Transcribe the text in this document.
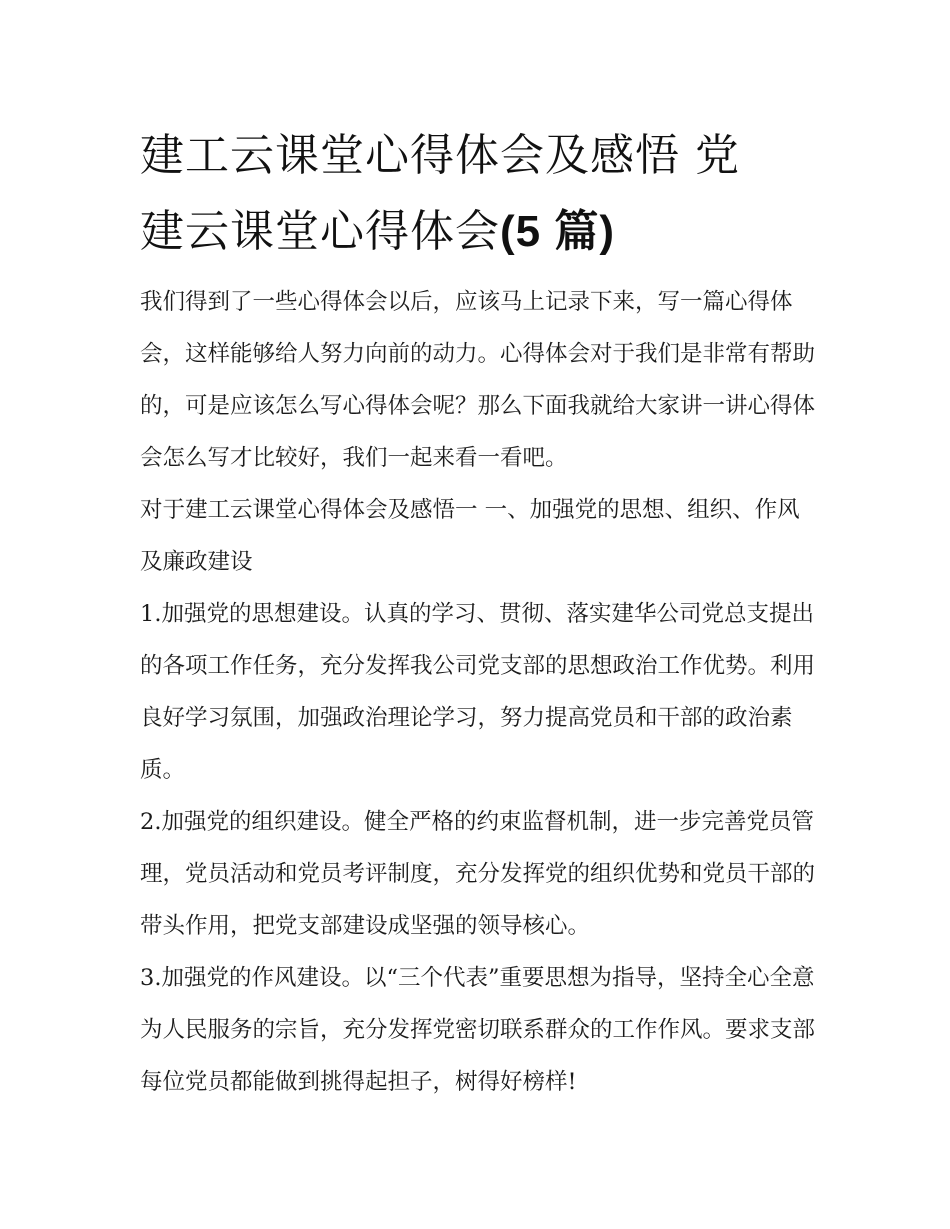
建工云课堂心得体会及感悟 党
建云课堂心得体会(5 篇)

我们得到了一些心得体会以后，应该马上记录下来，写一篇心得体会，这样能够给人努力向前的动力。心得体会对于我们是非常有帮助的，可是应该怎么写心得体会呢？那么下面我就给大家讲一讲心得体会怎么写才比较好，我们一起来看一看吧。

对于建工云课堂心得体会及感悟一 一、加强党的思想、组织、作风及廉政建设

1.加强党的思想建设。认真的学习、贯彻、落实建华公司党总支提出的各项工作任务，充分发挥我公司党支部的思想政治工作优势。利用良好学习氛围，加强政治理论学习，努力提高党员和干部的政治素质。

2.加强党的组织建设。健全严格的约束监督机制，进一步完善党员管理，党员活动和党员考评制度，充分发挥党的组织优势和党员干部的带头作用，把党支部建设成坚强的领导核心。

3.加强党的作风建设。以“三个代表”重要思想为指导，坚持全心全意为人民服务的宗旨，充分发挥党密切联系群众的工作作风。要求支部每位党员都能做到挑得起担子，树得好榜样!
